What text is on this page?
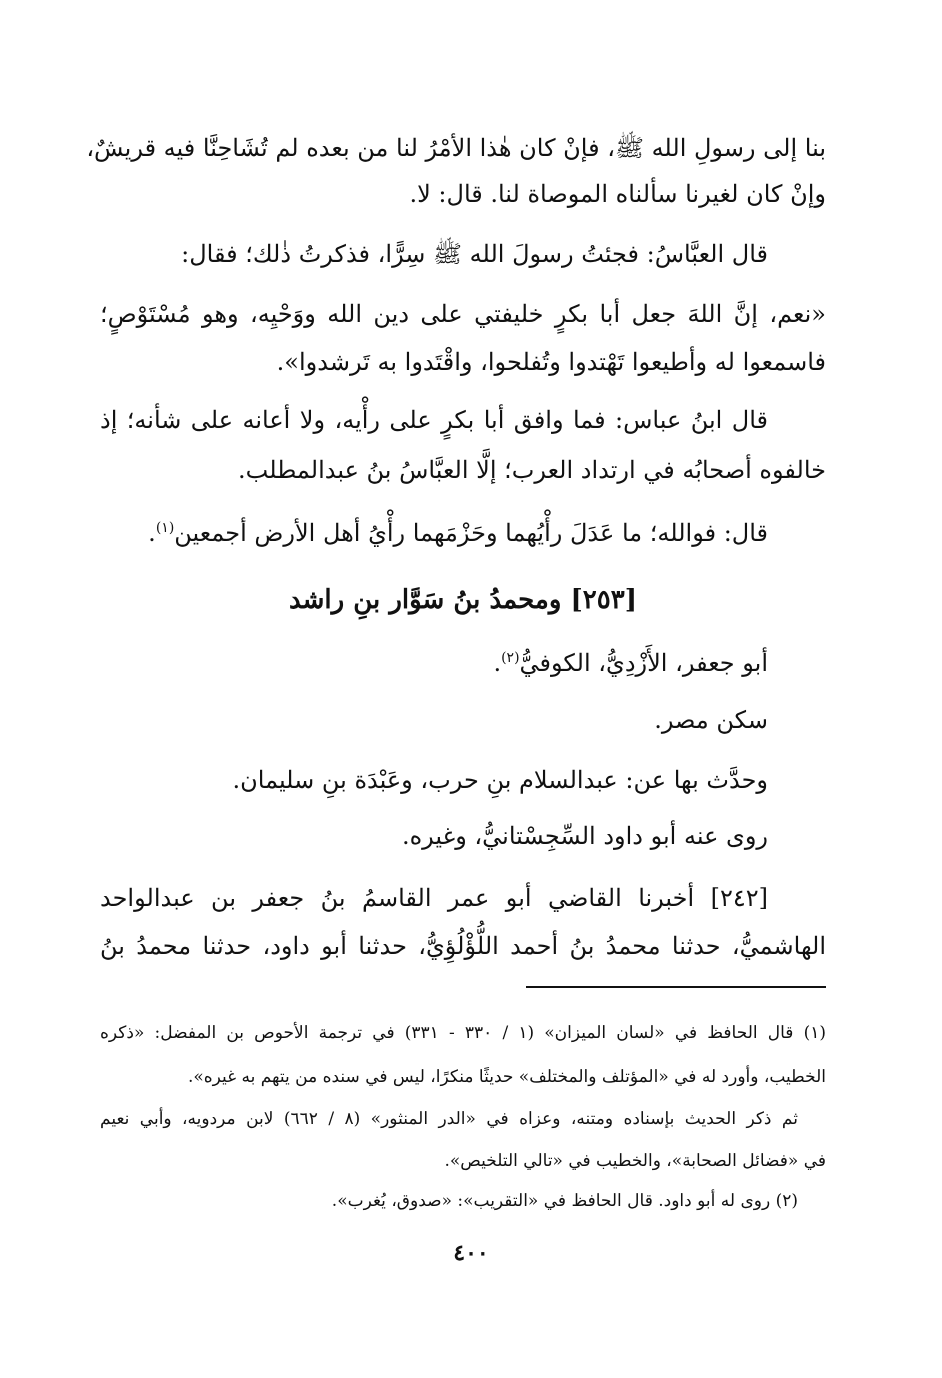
بنا إلى رسولِ الله ﷺ، فإنْ كان هٰذا الأمْرُ لنا من بعده لم تُشَاحِنَّا فيه قريشٌ،
وإنْ كان لغيرنا سألناه الموصاة لنا. قال: لا.
قال العبَّاسُ: فجئتُ رسولَ الله ﷺ سِرًّا، فذكرتُ ذٰلك؛ فقال:
«نعم، إنَّ اللهَ جعل أبا بكرٍ خليفتي على دين الله ووَحْيِه، وهو مُسْتَوْصٍ؛
فاسمعوا له وأطيعوا تَهْتدوا وتُفلحوا، واقْتَدوا به تَرشدوا».
قال ابنُ عباس: فما وافق أبا بكرٍ على رأْيه، ولا أعانه على شأنه؛ إذ
خالفوه أصحابُه في ارتداد العرب؛ إلَّا العبَّاسُ بنُ عبدالمطلب.
قال: فوالله؛ ما عَدَلَ رأْيُهما وحَزْمَهما رأْيُ أهل الأرض أجمعين$^{(١)}$.
[٢٥٣] ومحمدُ بنُ سَوَّار بنِ راشد
أبو جعفر، الأَزْدِيُّ، الكوفيُّ$^{(٢)}$.
سكن مصر.
وحدَّث بها عن: عبدالسلام بنِ حرب، وعَبْدَة بنِ سليمان.
روى عنه أبو داود السِّجِسْتانيُّ، وغيره.
[٢٤٢] أخبرنا القاضي أبو عمر القاسمُ بنُ جعفر بن عبدالواحد
الهاشميُّ، حدثنا محمدُ بنُ أحمد اللُّؤْلُؤِيُّ، حدثنا أبو داود، حدثنا محمدُ بنُ
(١) قال الحافظ في «لسان الميزان» (١ / ٣٣٠ - ٣٣١) في ترجمة الأحوص بن المفضل: «ذكره
الخطيب، وأورد له في «المؤتلف والمختلف» حديثًا منكرًا، ليس في سنده من يتهم به غيره».
ثم ذكر الحديث بإسناده ومتنه، وعزاه في «الدر المنثور» (٨ / ٦٦٢) لابن مردويه، وأبي نعيم
في «فضائل الصحابة»، والخطيب في «تالي التلخيص».
(٢) روى له أبو داود. قال الحافظ في «التقريب»: «صدوق، يُغرب».
٤٠٠
